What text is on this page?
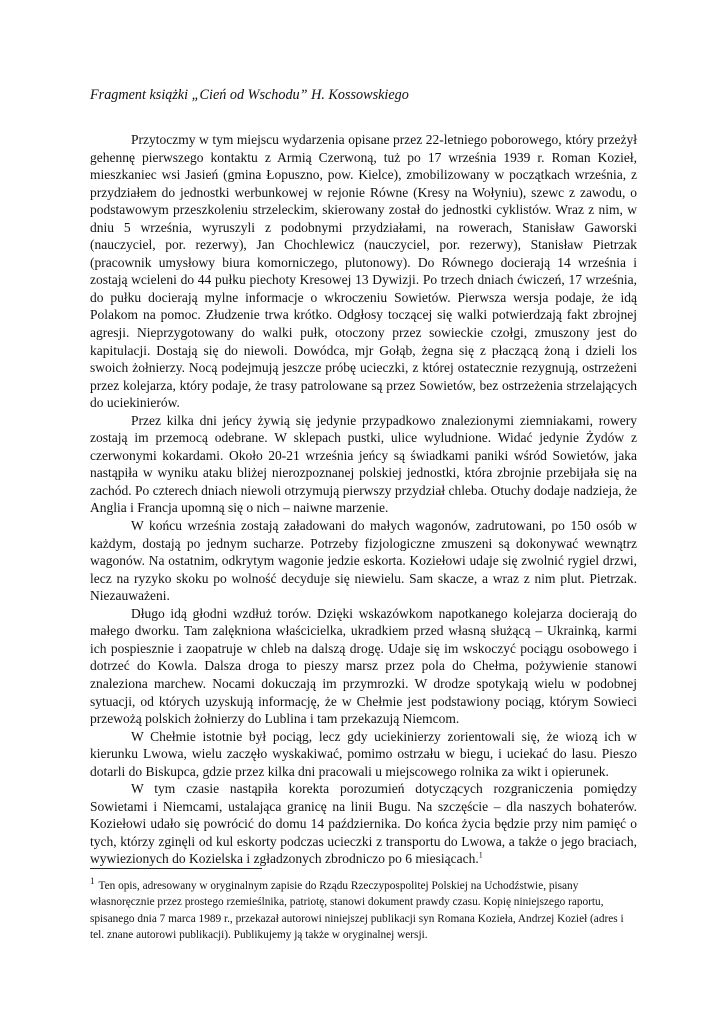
Fragment książki „Cień od Wschodu” H. Kossowskiego

Przytoczmy w tym miejscu wydarzenia opisane przez 22-letniego poborowego, który przeżył gehennę pierwszego kontaktu z Armią Czerwoną, tuż po 17 września 1939 r. Roman Kozieł, mieszkaniec wsi Jasień (gmina Łopuszno, pow. Kielce), zmobilizowany w początkach września, z przydziałem do jednostki werbunkowej w rejonie Równe (Kresy na Wołyniu), szewc z zawodu, o podstawowym przeszkoleniu strzeleckim, skierowany został do jednostki cyklistów. Wraz z nim, w dniu 5 września, wyruszyli z podobnymi przydziałami, na rowerach, Stanisław Gaworski (nauczyciel, por. rezerwy), Jan Chochlewicz (nauczyciel, por. rezerwy), Stanisław Pietrzak (pracownik umysłowy biura komorniczego, plutonowy). Do Równego docierają 14 września i zostają wcieleni do 44 pułku piechoty Kresowej 13 Dywizji. Po trzech dniach ćwiczeń, 17 września, do pułku docierają mylne informacje o wkroczeniu Sowietów. Pierwsza wersja podaje, że idą Polakom na pomoc. Złudzenie trwa krótko. Odgłosy toczącej się walki potwierdzają fakt zbrojnej agresji. Nieprzygotowany do walki pułk, otoczony przez sowieckie czołgi, zmuszony jest do kapitulacji. Dostają się do niewoli. Dowódca, mjr Gołąb, żegna się z płaczącą żoną i dzieli los swoich żołnierzy. Nocą podejmują jeszcze próbę ucieczki, z której ostatecznie rezygnują, ostrzeżeni przez kolejarza, który podaje, że trasy patrolowane są przez Sowietów, bez ostrzeżenia strzelających do uciekinierów.

Przez kilka dni jeńcy żywią się jedynie przypadkowo znalezionymi ziemniakami, rowery zostają im przemocą odebrane. W sklepach pustki, ulice wyludnione. Widać jedynie Żydów z czerwonymi kokardami. Około 20-21 września jeńcy są świadkami paniki wśród Sowietów, jaka nastąpiła w wyniku ataku bliżej nierozpoznanej polskiej jednostki, która zbrojnie przebijała się na zachód. Po czterech dniach niewoli otrzymują pierwszy przydział chleba. Otuchy dodaje nadzieja, że Anglia i Francja upomną się o nich – naiwne marzenie.

W końcu września zostają załadowani do małych wagonów, zadrutowani, po 150 osób w każdym, dostają po jednym sucharze. Potrzeby fizjologiczne zmuszeni są dokonywać wewnątrz wagonów. Na ostatnim, odkrytym wagonie jedzie eskorta. Koziełowi udaje się zwolnić rygiel drzwi, lecz na ryzyko skoku po wolność decyduje się niewielu. Sam skacze, a wraz z nim plut. Pietrzak. Niezauważeni.

Długo idą głodni wzdłuż torów. Dzięki wskazówkom napotkanego kolejarza docierają do małego dworku. Tam zalękniona właścicielka, ukradkiem przed własną służącą – Ukrainką, karmi ich pospiesznie i zaopatruje w chleb na dalszą drogę. Udaje się im wskoczyć pociągu osobowego i dotrzeć do Kowla. Dalsza droga to pieszy marsz przez pola do Chełma, pożywienie stanowi znaleziona marchew. Nocami dokuczają im przymrozki. W drodze spotykają wielu w podobnej sytuacji, od których uzyskują informację, że w Chełmie jest podstawiony pociąg, którym Sowieci przewożą polskich żołnierzy do Lublina i tam przekazują Niemcom.

W Chełmie istotnie był pociąg, lecz gdy uciekinierzy zorientowali się, że wiozą ich w kierunku Lwowa, wielu zaczęło wyskakiwać, pomimo ostrzału w biegu, i uciekać do lasu. Pieszo dotarli do Biskupca, gdzie przez kilka dni pracowali u miejscowego rolnika za wikt i opierunek.

W tym czasie nastąpiła korekta porozumień dotyczących rozgraniczenia pomiędzy Sowietami i Niemcami, ustalająca granicę na linii Bugu. Na szczęście – dla naszych bohaterów. Koziełowi udało się powrócić do domu 14 października. Do końca życia będzie przy nim pamięć o tych, którzy zginęli od kul eskorty podczas ucieczki z transportu do Lwowa, a także o jego braciach, wywiezionych do Kozielska i zgładzonych zbrodniczo po 6 miesiącach.$^1$

$^1$ Ten opis, adresowany w oryginalnym zapisie do Rządu Rzeczypospolitej Polskiej na Uchodźstwie, pisany własnoręcznie przez prostego rzemieślnika, patriotę, stanowi dokument prawdy czasu. Kopię niniejszego raportu, spisanego dnia 7 marca 1989 r., przekazał autorowi niniejszej publikacji syn Romana Kozieła, Andrzej Kozieł (adres i tel. znane autorowi publikacji). Publikujemy ją także w oryginalnej wersji.
